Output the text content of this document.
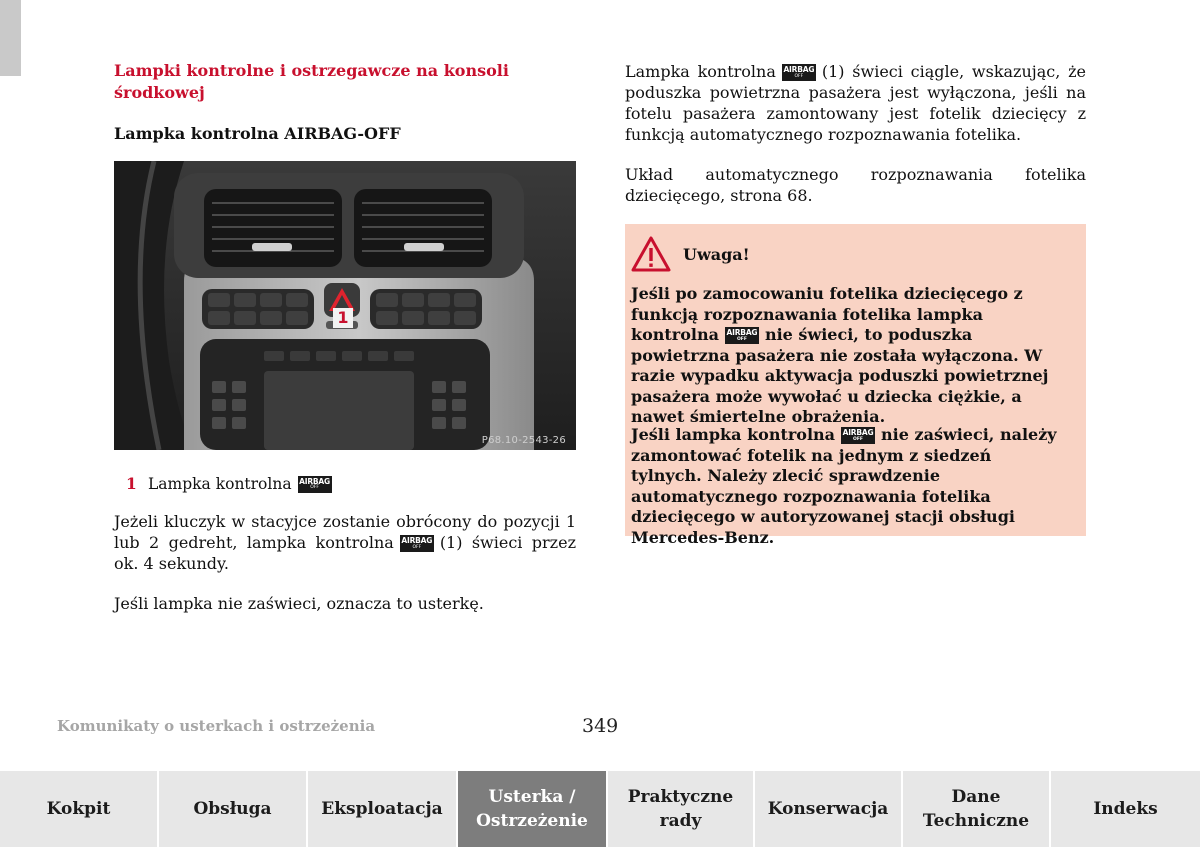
Lampki kontrolne i ostrzegawcze na konsoli środkowej
Lampka kontrolna AIRBAG-OFF
1
P68.10-2543-26
1 Lampka kontrolna AIRBAG
OFF

Jeżeli kluczyk w stacyjce zostanie obrócony do pozycji 1 lub 2 gedreht, lampka kontrolna AIRBAG
OFF (1) świeci przez ok. 4 sekundy.

Jeśli lampka nie zaświeci, oznacza to usterkę.

Lampka kontrolna AIRBAG
OFF (1) świeci ciągle, wskazując, że poduszka powietrzna pasażera jest wyłączona, jeśli na fotelu pasażera zamontowany jest fotelik dziecięcy z funkcją automatycznego rozpoznawania fotelika.

Układ automatycznego rozpoznawania fotelika dziecięcego, strona 68.

Uwaga!

Jeśli po zamocowaniu fotelika dziecięcego z funkcją rozpoznawania fotelika lampka kontrolna AIRBAG
OFF nie świeci, to poduszka powietrzna pasażera nie została wyłączona. W razie wypadku aktywacja poduszki powietrznej pasażera może wywołać u dziecka ciężkie, a nawet śmiertelne obrażenia.

Jeśli lampka kontrolna AIRBAG
OFF nie zaświeci, należy zamontować fotelik na jednym z siedzeń tylnych. Należy zlecić sprawdzenie automatycznego rozpoznawania fotelika dziecięcego w autoryzowanej stacji obsługi Mercedes-Benz.

Komunikaty o usterkach i ostrzeżenia	349
Kokpit	Obsługa	Eksploatacja
Usterka /
Ostrzeżenie
Praktyczne
rady
Konserwacja
Dane
Techniczne
Indeks
